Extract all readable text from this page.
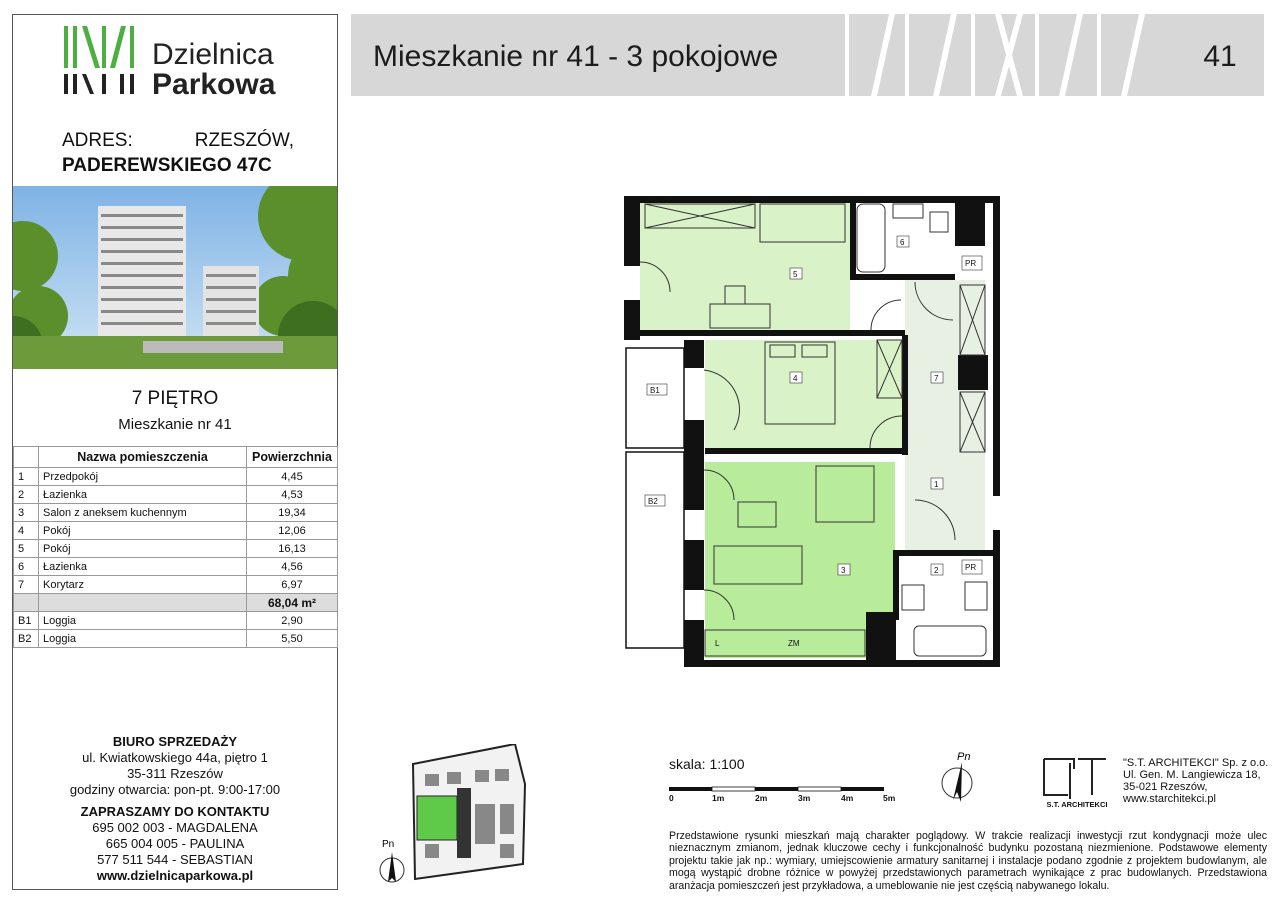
Dzielnica
Parkowa
ADRES:	RZESZÓW,
PADEREWSKIEGO 47C
7 PIĘTRO
Mieszkanie nr 41
	Nazwa pomieszczenia	Powierzchnia
1	Przedpokój	4,45
2	Łazienka	4,53
3	Salon z aneksem kuchennym	19,34
4	Pokój	12,06
5	Pokój	16,13
6	Łazienka	4,56
7	Korytarz	6,97
		68,04 m²
B1	Loggia	2,90
B2	Loggia	5,50
BIURO SPRZEDAŻY
ul. Kwiatkowskiego 44a, piętro 1
35-311 Rzeszów
godziny otwarcia: pon-pt. 9:00-17:00
ZAPRASZAMY DO KONTAKTU
695 002 003 - MAGDALENA
665 004 005 - PAULINA
577 511 544 - SEBASTIAN
www.dzielnicaparkowa.pl
Mieszkanie nr 41 - 3 pokojowe	41
5
4
3
6
7
1
2
B1
B2
PR
PR
L	ZM
Pn
skala: 1:100
0	1m	2m	3m	4m	5m
Pn
S.T. ARCHITEKCI
"S.T. ARCHITEKCI" Sp. z o.o.
Ul. Gen. M. Langiewicza 18,
35-021 Rzeszów,
www.starchitekci.pl
Przedstawione rysunki mieszkań mają charakter poglądowy. W trakcie realizacji inwestycji rzut kondygnacji może ulec nieznacznym zmianom, jednak kluczowe cechy i funkcjonalność budynku pozostaną niezmienione. Podstawowe elementy projektu takie jak np.: wymiary, umiejscowienie armatury sanitarnej i instalacje podano zgodnie z projektem budowlanym, ale mogą wystąpić drobne różnice w powyżej przedstawionych parametrach wynikające z prac budowlanych. Przedstawiona aranżacja pomieszczeń jest przykładowa, a umeblowanie nie jest częścią nabywanego lokalu.
